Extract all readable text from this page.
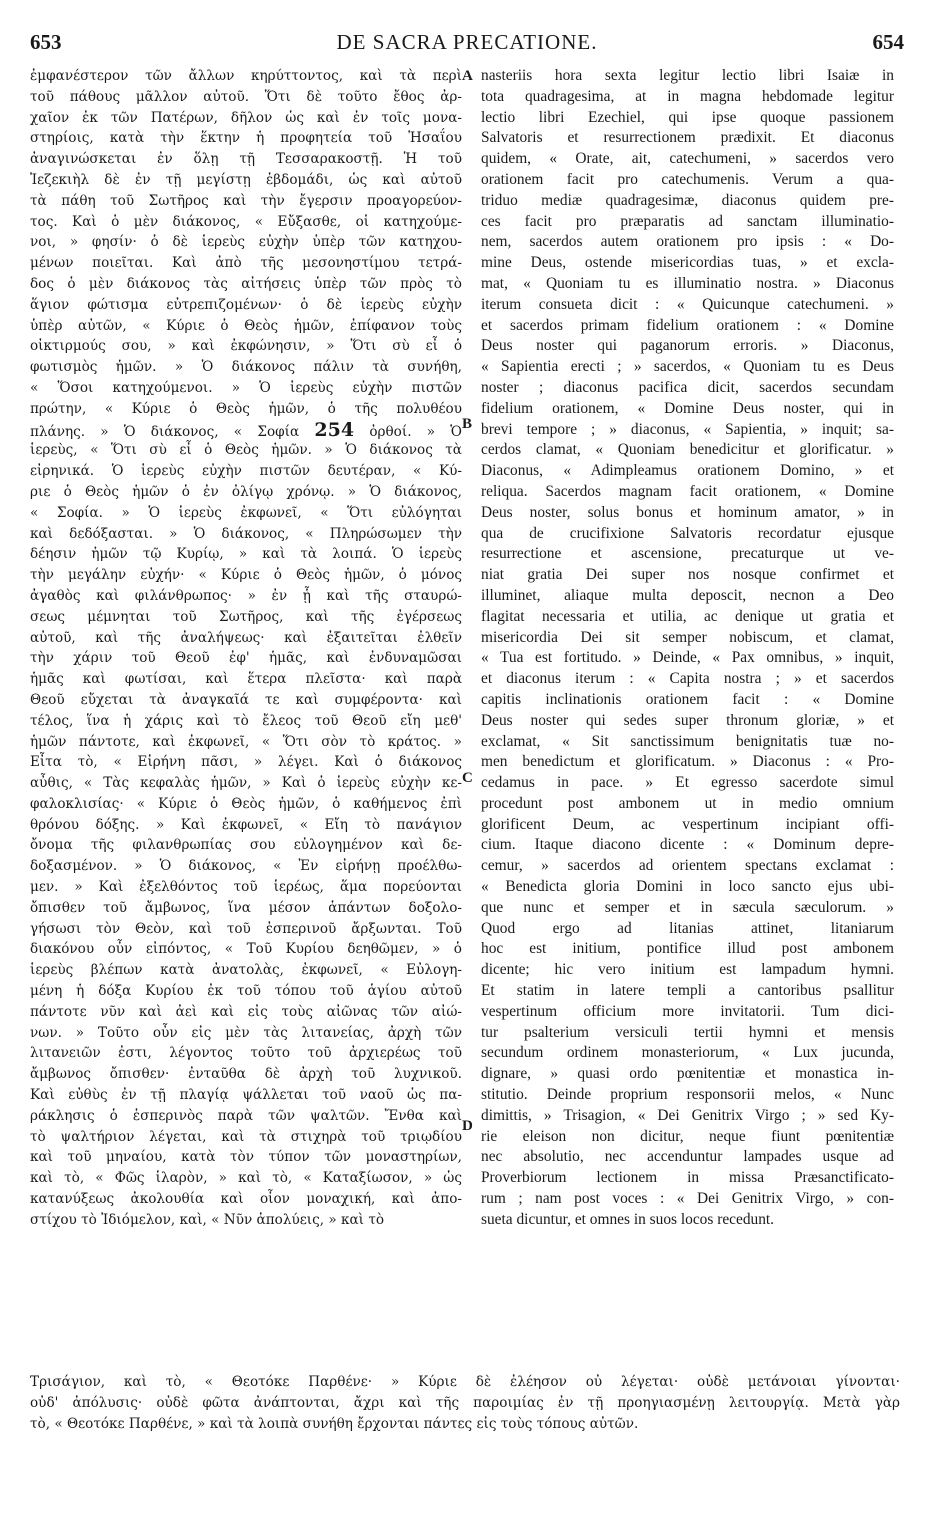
653	DE SACRA PRECATIONE.	654
ἐμφανέστερον τῶν ἄλλων κηρύττοντος, καὶ τὰ περὶ
τοῦ πάθους μᾶλλον αὐτοῦ. Ὅτι δὲ τοῦτο ἔθος ἀρ-
χαῖον ἐκ τῶν Πατέρων, δῆλον ὡς καὶ ἐν τοῖς μονα-
στηρίοις, κατὰ τὴν ἕκτην ἡ προφητεία τοῦ Ἡσαΐου
ἀναγινώσκεται ἐν ὅλῃ τῇ Τεσσαρακοστῇ. Ἡ τοῦ
Ἰεζεκιὴλ δὲ ἐν τῇ μεγίστῃ ἑβδομάδι, ὡς καὶ αὐτοῦ
τὰ πάθη τοῦ Σωτῆρος καὶ τὴν ἔγερσιν προαγορεύον-
τος. Καὶ ὁ μὲν διάκονος, « Εὔξασθε, οἱ κατηχούμε-
νοι, » φησίν· ὁ δὲ ἱερεὺς εὐχὴν ὑπὲρ τῶν κατηχου-
μένων ποιεῖται. Καὶ ἀπὸ τῆς μεσονηστίμου τετρά-
δος ὁ μὲν διάκονος τὰς αἰτήσεις ὑπὲρ τῶν πρὸς τὸ
ἅγιον φώτισμα εὐτρεπιζομένων· ὁ δὲ ἱερεὺς εὐχὴν
ὑπὲρ αὐτῶν, « Κύριε ὁ Θεὸς ἡμῶν, ἐπίφανον τοὺς
οἰκτιρμούς σου, » καὶ ἐκφώνησιν, » Ὅτι σὺ εἶ ὁ
φωτισμὸς ἡμῶν. » Ὁ διάκονος πάλιν τὰ συνήθη,
« Ὅσοι κατηχούμενοι. » Ὁ ἱερεὺς εὐχὴν πιστῶν
πρώτην, « Κύριε ὁ Θεὸς ἡμῶν, ὁ τῆς πολυθέου
πλάνης. » Ὁ διάκονος, « Σοφία 254 ὀρθοί. » Ὁ
ἱερεὺς, « Ὅτι σὺ εἶ ὁ Θεὸς ἡμῶν. » Ὁ διάκονος τὰ
εἰρηνικά. Ὁ ἱερεὺς εὐχὴν πιστῶν δευτέραν, « Κύ-
ριε ὁ Θεὸς ἡμῶν ὁ ἐν ὀλίγῳ χρόνῳ. » Ὁ διάκονος,
« Σοφία. » Ὁ ἱερεὺς ἐκφωνεῖ, « Ὅτι εὐλόγηται
καὶ δεδόξασται. » Ὁ διάκονος, « Πληρώσωμεν τὴν
δέησιν ἡμῶν τῷ Κυρίῳ, » καὶ τὰ λοιπά. Ὁ ἱερεὺς
τὴν μεγάλην εὐχήν· « Κύριε ὁ Θεὸς ἡμῶν, ὁ μόνος
ἀγαθὸς καὶ φιλάνθρωπος· » ἐν ᾗ καὶ τῆς σταυρώ-
σεως μέμνηται τοῦ Σωτῆρος, καὶ τῆς ἐγέρσεως
αὐτοῦ, καὶ τῆς ἀναλήψεως· καὶ ἐξαιτεῖται ἐλθεῖν
τὴν χάριν τοῦ Θεοῦ ἐφ' ἡμᾶς, καὶ ἐνδυναμῶσαι
ἡμᾶς καὶ φωτίσαι, καὶ ἕτερα πλεῖστα· καὶ παρὰ
Θεοῦ εὔχεται τὰ ἀναγκαῖά τε καὶ συμφέροντα· καὶ
τέλος, ἵνα ἡ χάρις καὶ τὸ ἔλεος τοῦ Θεοῦ εἴη μεθ'
ἡμῶν πάντοτε, καὶ ἐκφωνεῖ, « Ὅτι σὸν τὸ κράτος. »
Εἶτα τὸ, « Εἰρήνη πᾶσι, » λέγει. Καὶ ὁ διάκονος
αὖθις, « Τὰς κεφαλὰς ἡμῶν, » Καὶ ὁ ἱερεὺς εὐχὴν κε-
φαλοκλισίας· « Κύριε ὁ Θεὸς ἡμῶν, ὁ καθήμενος ἐπὶ
θρόνου δόξης. » Καὶ ἐκφωνεῖ, « Εἴη τὸ πανάγιον
ὄνομα τῆς φιλανθρωπίας σου εὐλογημένον καὶ δε-
δοξασμένον. » Ὁ διάκονος, « Ἐν εἰρήνῃ προέλθω-
μεν. » Καὶ ἐξελθόντος τοῦ ἱερέως, ἅμα πορεύονται
ὄπισθεν τοῦ ἄμβωνος, ἵνα μέσον ἁπάντων δοξολο-
γήσωσι τὸν Θεὸν, καὶ τοῦ ἑσπερινοῦ ἄρξωνται. Τοῦ
διακόνου οὖν εἰπόντος, « Τοῦ Κυρίου δεηθῶμεν, » ὁ
ἱερεὺς βλέπων κατὰ ἀνατολὰς, ἐκφωνεῖ, « Εὐλογη-
μένη ἡ δόξα Κυρίου ἐκ τοῦ τόπου τοῦ ἁγίου αὐτοῦ
πάντοτε νῦν καὶ ἀεὶ καὶ εἰς τοὺς αἰῶνας τῶν αἰώ-
νων. » Τοῦτο οὖν εἰς μὲν τὰς λιτανείας, ἀρχὴ τῶν
λιτανειῶν ἐστι, λέγοντος τοῦτο τοῦ ἀρχιερέως τοῦ
ἄμβωνος ὄπισθεν· ἐνταῦθα δὲ ἀρχὴ τοῦ λυχνικοῦ.
Καὶ εὐθὺς ἐν τῇ πλαγίᾳ ψάλλεται τοῦ ναοῦ ὡς πα-
ράκλησις ὁ ἑσπερινὸς παρὰ τῶν ψαλτῶν. Ἔνθα καὶ
τὸ ψαλτήριον λέγεται, καὶ τὰ στιχηρὰ τοῦ τριῳδίου
καὶ τοῦ μηναίου, κατὰ τὸν τύπον τῶν μοναστηρίων,
καὶ τὸ, « Φῶς ἱλαρὸν, » καὶ τὸ, « Καταξίωσον, » ὡς
κατανύξεως ἀκολουθία καὶ οἷον μοναχική, καὶ ἀπο-
στίχου τὸ Ἰδιόμελον, καὶ, « Νῦν ἀπολύεις, » καὶ τὸ
nasteriis hora sexta legitur lectio libri Isaiæ in
tota quadragesima, at in magna hebdomade legitur
lectio libri Ezechiel, qui ipse quoque passionem
Salvatoris et resurrectionem prædixit. Et diaconus
quidem, « Orate, ait, catechumeni, » sacerdos vero
orationem facit pro catechumenis. Verum a qua-
triduo mediæ quadragesimæ, diaconus quidem pre-
ces facit pro præparatis ad sanctam illuminatio-
nem, sacerdos autem orationem pro ipsis : « Do-
mine Deus, ostende misericordias tuas, » et excla-
mat, « Quoniam tu es illuminatio nostra. » Diaconus
iterum consueta dicit : « Quicunque catechumeni. »
et sacerdos primam fidelium orationem : « Domine
Deus noster qui paganorum erroris. » Diaconus,
« Sapientia erecti ; » sacerdos, « Quoniam tu es Deus
noster ; diaconus pacifica dicit, sacerdos secundam
fidelium orationem, « Domine Deus noster, qui in
brevi tempore ; » diaconus, « Sapientia, » inquit; sa-
cerdos clamat, « Quoniam benedicitur et glorificatur. »
Diaconus, « Adimpleamus orationem Domino, » et
reliqua. Sacerdos magnam facit orationem, « Domine
Deus noster, solus bonus et hominum amator, » in
qua de crucifixione Salvatoris recordatur ejusque
resurrectione et ascensione, precaturque ut ve-
niat gratia Dei super nos nosque confirmet et
illuminet, aliaque multa deposcit, necnon a Deo
flagitat necessaria et utilia, ac denique ut gratia et
misericordia Dei sit semper nobiscum, et clamat,
« Tua est fortitudo. » Deinde, « Pax omnibus, » inquit,
et diaconus iterum : « Capita nostra ; » et sacerdos
capitis inclinationis orationem facit : « Domine
Deus noster qui sedes super thronum gloriæ, » et
exclamat, « Sit sanctissimum benignitatis tuæ no-
men benedictum et glorificatum. » Diaconus : « Pro-
cedamus in pace. » Et egresso sacerdote simul
procedunt post ambonem ut in medio omnium
glorificent Deum, ac vespertinum incipiant offi-
cium. Itaque diacono dicente : « Dominum depre-
cemur, » sacerdos ad orientem spectans exclamat :
« Benedicta gloria Domini in loco sancto ejus ubi-
que nunc et semper et in sæcula sæculorum. »
Quod ergo ad litanias attinet, litaniarum
hoc est initium, pontifice illud post ambonem
dicente; hic vero initium est lampadum hymni.
Et statim in latere templi a cantoribus psallitur
vespertinum officium more invitatorii. Tum dici-
tur psalterium versiculi tertii hymni et mensis
secundum ordinem monasteriorum, « Lux jucunda,
dignare, » quasi ordo pœnitentiæ et monastica in-
stitutio. Deinde proprium responsorii melos, « Nunc
dimittis, » Trisagion, « Dei Genitrix Virgo ; » sed Ky-
rie eleison non dicitur, neque fiunt pœnitentiæ
nec absolutio, nec accenduntur lampades usque ad
Proverbiorum lectionem in missa Præsanctificato-
rum ; nam post voces : « Dei Genitrix Virgo, » con-
sueta dicuntur, et omnes in suos locos recedunt.
A
B
C
D
Τρισάγιον, καὶ τὸ, « Θεοτόκε Παρθένε· » Κύριε δὲ ἐλέησον οὐ λέγεται· οὐδὲ μετάνοιαι γίνονται·
οὐδ' ἀπόλυσις· οὐδὲ φῶτα ἀνάπτονται, ἄχρι καὶ τῆς παροιμίας ἐν τῇ προηγιασμένῃ λειτουργίᾳ. Μετὰ γὰρ
τὸ, « Θεοτόκε Παρθένε, » καὶ τὰ λοιπὰ συνήθη ἔρχονται πάντες εἰς τοὺς τόπους αὐτῶν.
